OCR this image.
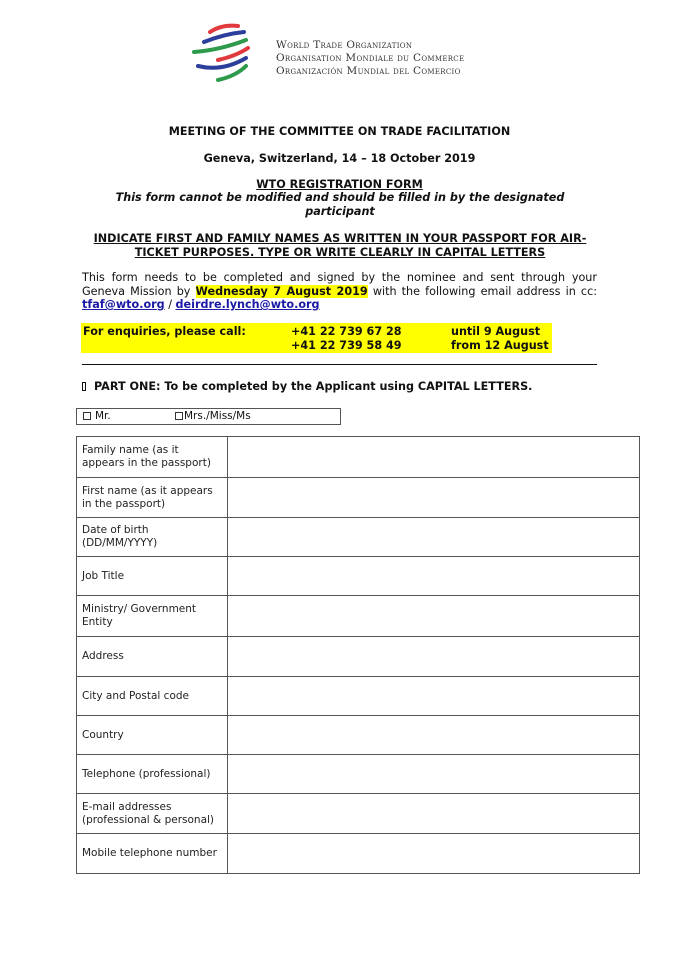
World Trade Organization
Organisation Mondiale du Commerce
Organización Mundial del Comercio
MEETING OF THE COMMITTEE ON TRADE FACILITATION
Geneva, Switzerland, 14 – 18 October 2019
WTO REGISTRATION FORM
This form cannot be modified and should be filled in by the designated participant
INDICATE FIRST AND FAMILY NAMES AS WRITTEN IN YOUR PASSPORT FOR AIR-TICKET PURPOSES. TYPE OR WRITE CLEARLY IN CAPITAL LETTERS
This form needs to be completed and signed by the nominee and sent through your Geneva Mission by Wednesday 7 August 2019 with the following email address in cc: tfaf@wto.org / deirdre.lynch@wto.org
For enquiries, please call:	+41 22 739 67 28	until 9 August
+41 22 739 58 49	from 12 August
PART ONE: To be completed by the Applicant using CAPITAL LETTERS.
Mr.	Mrs./Miss/Ms
Family name (as it appears in the passport)	
First name (as it appears in the passport)	
Date of birth (DD/MM/YYYY)	
Job Title	
Ministry/ Government Entity	
Address	
City and Postal code	
Country	
Telephone (professional)	
E-mail addresses (professional & personal)	
Mobile telephone number	
